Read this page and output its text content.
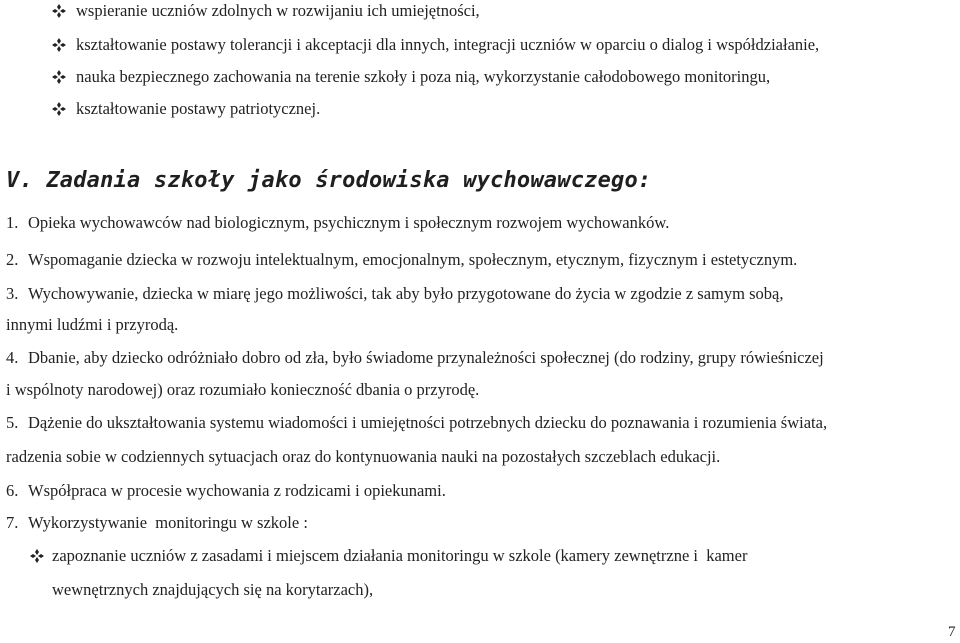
wspieranie uczniów zdolnych w rozwijaniu ich umiejętności,
kształtowanie postawy tolerancji i akceptacji dla innych, integracji uczniów w oparciu o dialog i współdziałanie,
nauka bezpiecznego zachowania na terenie szkoły i poza nią, wykorzystanie całodobowego monitoringu,
kształtowanie postawy patriotycznej.
V. Zadania szkoły jako środowiska wychowawczego:
1. Opieka wychowawców nad biologicznym, psychicznym i społecznym rozwojem wychowanków.
2. Wspomaganie dziecka w rozwoju intelektualnym, emocjonalnym, społecznym, etycznym, fizycznym i estetycznym.
3. Wychowywanie, dziecka w miarę jego możliwości, tak aby było przygotowane do życia w zgodzie z samym sobą,
innymi ludźmi i przyrodą.
4. Dbanie, aby dziecko odróżniało dobro od zła, było świadome przynależności społecznej (do rodziny, grupy rówieśniczej
i wspólnoty narodowej) oraz rozumiało konieczność dbania o przyrodę.
5. Dążenie do ukształtowania systemu wiadomości i umiejętności potrzebnych dziecku do poznawania i rozumienia świata,
radzenia sobie w codziennych sytuacjach oraz do kontynuowania nauki na pozostałych szczeblach edukacji.
6. Współpraca w procesie wychowania z rodzicami i opiekunami.
7. Wykorzystywanie  monitoringu w szkole :
zapoznanie uczniów z zasadami i miejscem działania monitoringu w szkole (kamery zewnętrzne i  kamer
wewnętrznych znajdujących się na korytarzach),
7
